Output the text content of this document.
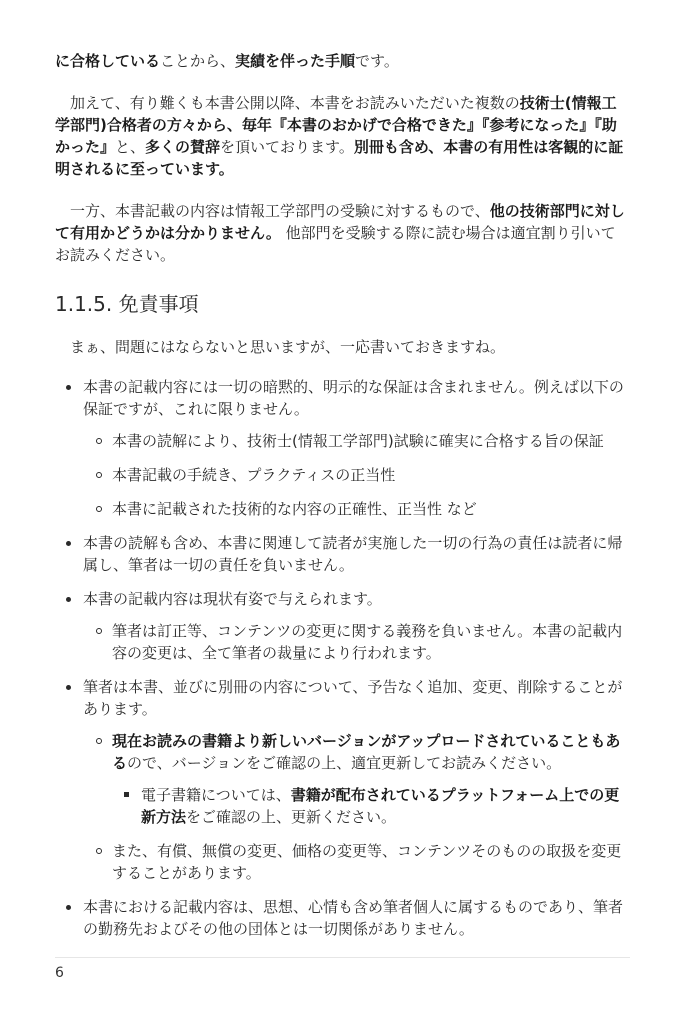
に合格していることから、実績を伴った手順です。

加えて、有り難くも本書公開以降、本書をお読みいただいた複数の技術士(情報工学部門)合格者の方々から、毎年『本書のおかげで合格できた』『参考になった』『助かった』と、多くの賛辞を頂いております。別冊も含め、本書の有用性は客観的に証明されるに至っています。

一方、本書記載の内容は情報工学部門の受験に対するもので、他の技術部門に対して有用かどうかは分かりません。 他部門を受験する際に読む場合は適宜割り引いてお読みください。

1.1.5. 免責事項

まぁ、問題にはならないと思いますが、一応書いておきますね。

本書の記載内容には一切の暗黙的、明示的な保証は含まれません。例えば以下の保証ですが、これに限りません。
本書の読解により、技術士(情報工学部門)試験に確実に合格する旨の保証
本書記載の手続き、プラクティスの正当性
本書に記載された技術的な内容の正確性、正当性 など
本書の読解も含め、本書に関連して読者が実施した一切の行為の責任は読者に帰属し、筆者は一切の責任を負いません。
本書の記載内容は現状有姿で与えられます。
筆者は訂正等、コンテンツの変更に関する義務を負いません。本書の記載内容の変更は、全て筆者の裁量により行われます。
筆者は本書、並びに別冊の内容について、予告なく追加、変更、削除することがあります。
現在お読みの書籍より新しいバージョンがアップロードされていることもあるので、バージョンをご確認の上、適宜更新してお読みください。
電子書籍については、書籍が配布されているプラットフォーム上での更新方法をご確認の上、更新ください。
また、有償、無償の変更、価格の変更等、コンテンツそのものの取扱を変更することがあります。
本書における記載内容は、思想、心情も含め筆者個人に属するものであり、筆者の勤務先およびその他の団体とは一切関係がありません。
6
